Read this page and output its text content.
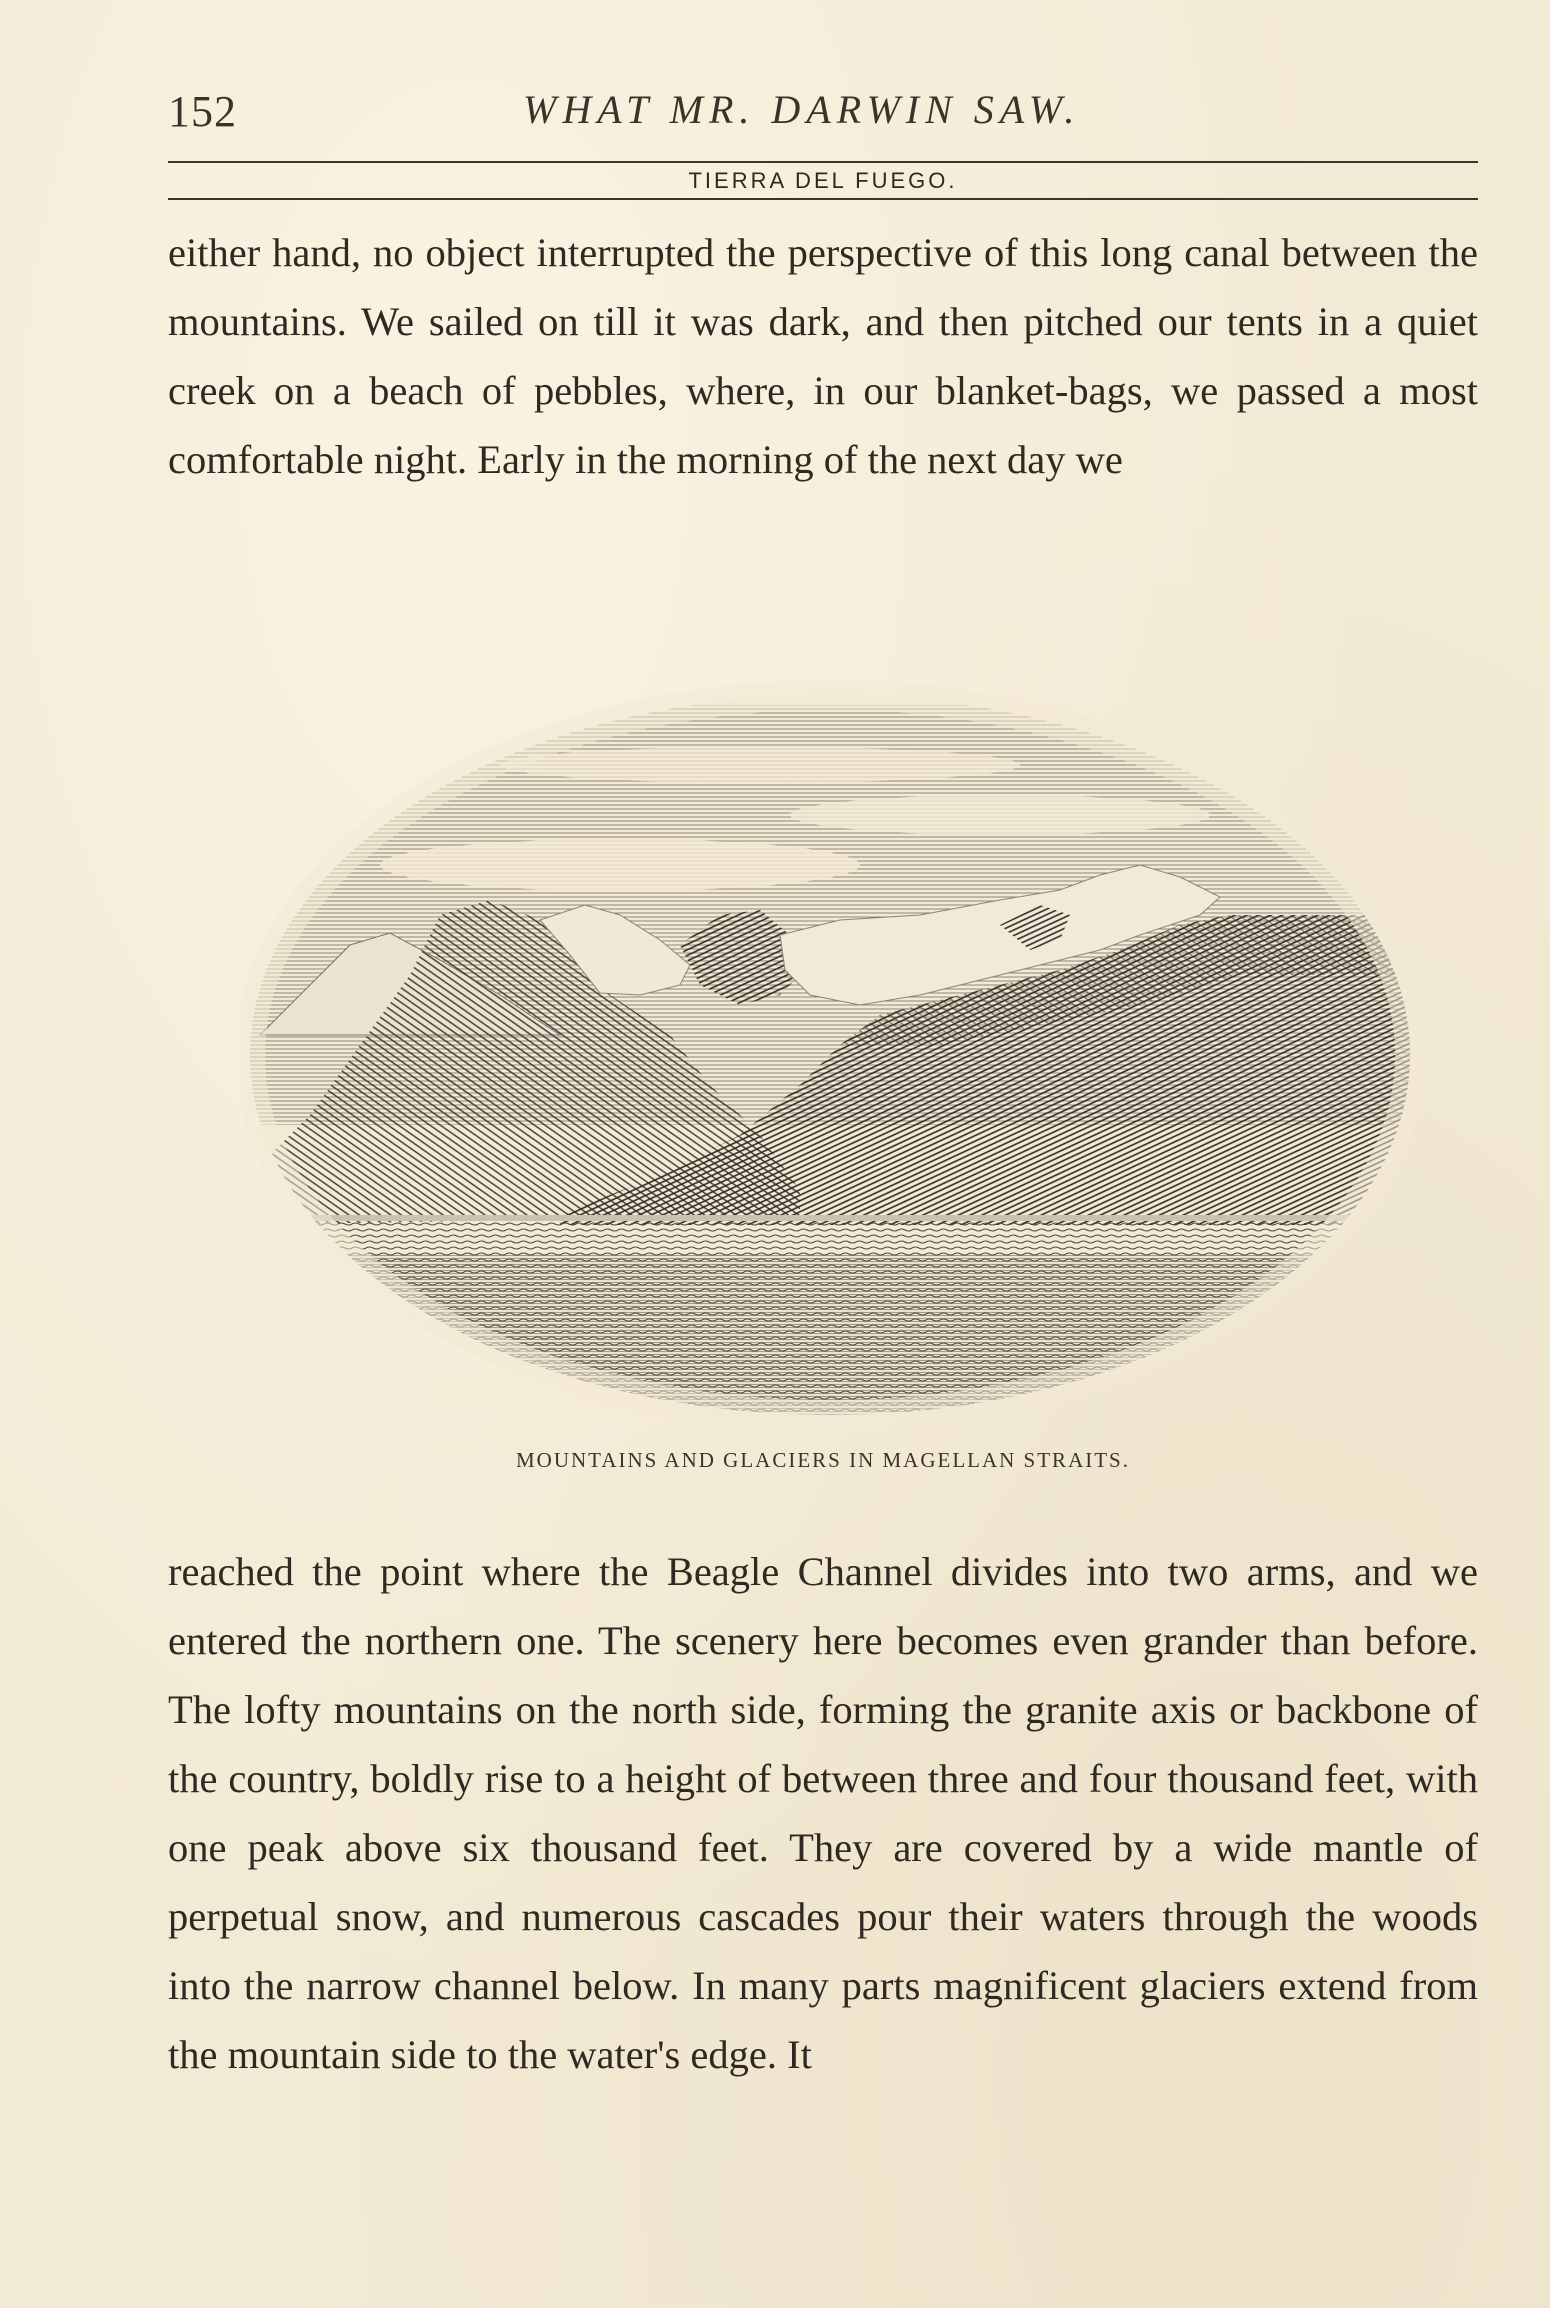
152	WHAT MR. DARWIN SAW.
TIERRA DEL FUEGO.

either hand, no object interrupted the perspective of this long canal between the mountains. We sailed on till it was dark, and then pitched our tents in a quiet creek on a beach of pebbles, where, in our blanket-bags, we passed a most comfortable night. Early in the morning of the next day we

MOUNTAINS AND GLACIERS IN MAGELLAN STRAITS.

reached the point where the Beagle Channel divides into two arms, and we entered the northern one. The scenery here becomes even grander than before. The lofty mountains on the north side, forming the granite axis or backbone of the country, boldly rise to a height of between three and four thousand feet, with one peak above six thousand feet. They are covered by a wide mantle of perpetual snow, and numerous cascades pour their waters through the woods into the narrow channel below. In many parts magnificent glaciers extend from the mountain side to the water's edge. It
